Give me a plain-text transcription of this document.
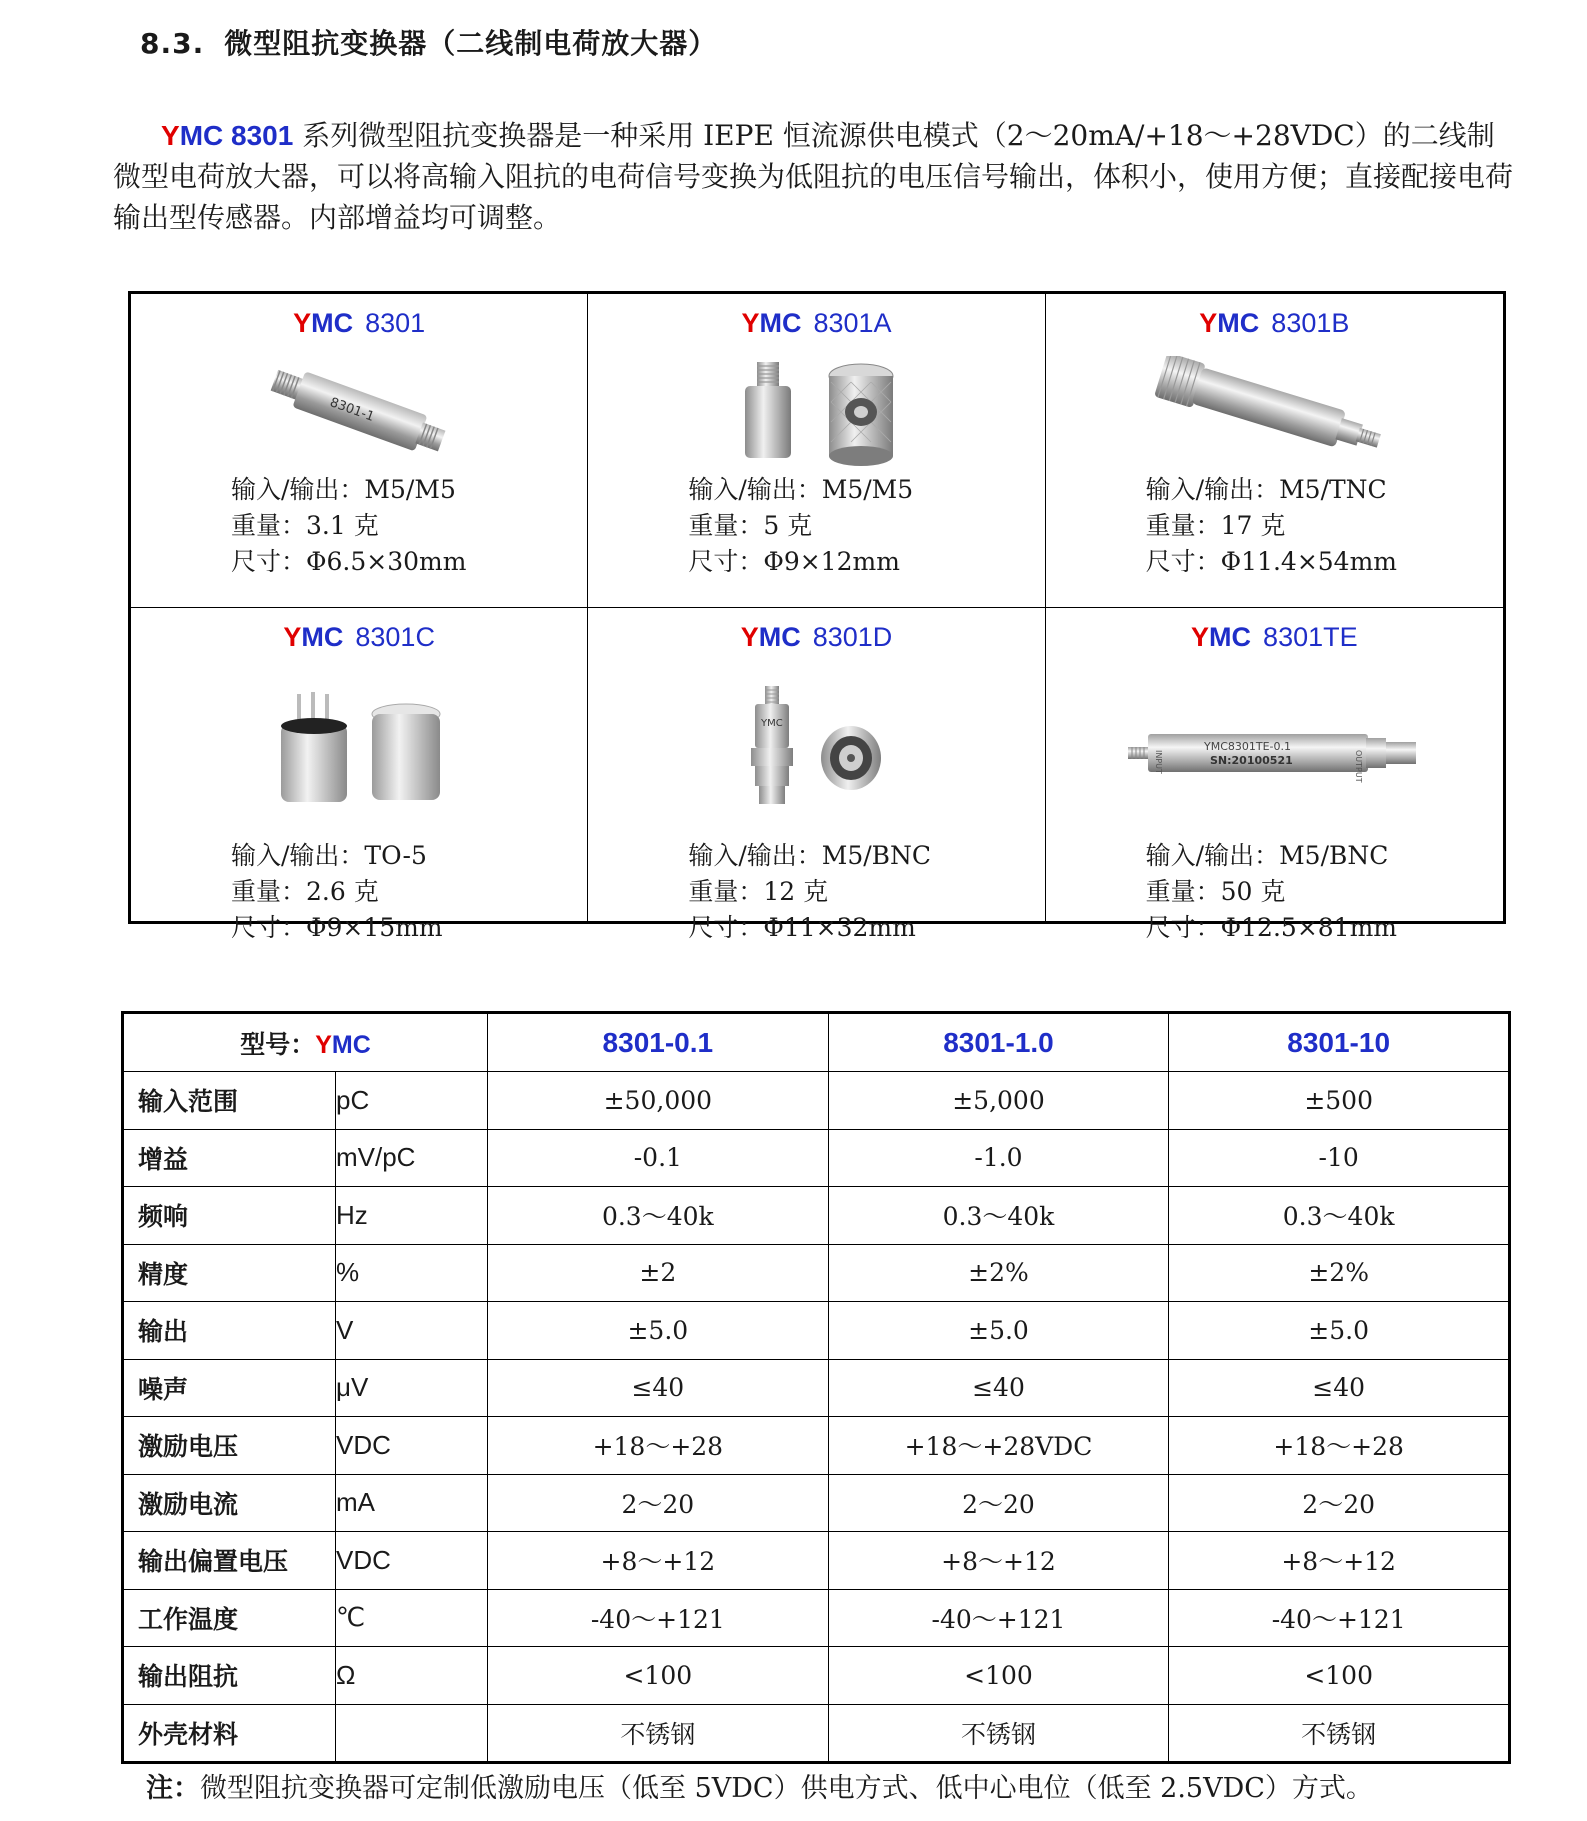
8.3. 微型阻抗变换器（二线制电荷放大器）
YMC 8301 系列微型阻抗变换器是一种采用 IEPE 恒流源供电模式（2～20mA/+18～+28VDC）的二线制微型电荷放大器，可以将高输入阻抗的电荷信号变换为低阻抗的电压信号输出，体积小，使用方便；直接配接电荷输出型传感器。内部增益均可调整。
YMC 8301
8301-1
输入/输出：M5/M5
重量：3.1 克
尺寸：Φ6.5×30mm
YMC 8301A
输入/输出：M5/M5
重量：5 克
尺寸：Φ9×12mm
YMC 8301B
输入/输出：M5/TNC
重量：17 克
尺寸：Φ11.4×54mm
YMC 8301C
输入/输出：TO-5
重量：2.6 克
尺寸：Φ9×15mm
YMC 8301D
YMC
输入/输出：M5/BNC
重量：12 克
尺寸：Φ11×32mm
YMC 8301TE
INPUT	OUTPUT
YMC8301TE-0.1
SN:20100521
输入/输出：M5/BNC
重量：50 克
尺寸：Φ12.5×81mm
型号：YMC		8301-0.1	8301-1.0	8301-10
输入范围	pC	±50,000	±5,000	±500
增益	mV/pC	-0.1	-1.0	-10
频响	Hz	0.3～40k	0.3～40k	0.3～40k
精度	%	±2	±2%	±2%
输出	V	±5.0	±5.0	±5.0
噪声	μV	≤40	≤40	≤40
激励电压	VDC	+18～+28	+18～+28VDC	+18～+28
激励电流	mA	2～20	2～20	2～20
输出偏置电压	VDC	+8～+12	+8～+12	+8～+12
工作温度	℃	-40～+121	-40～+121	-40～+121
输出阻抗	Ω	<100	<100	<100
外壳材料		不锈钢	不锈钢	不锈钢
注：微型阻抗变换器可定制低激励电压（低至 5VDC）供电方式、低中心电位（低至 2.5VDC）方式。
